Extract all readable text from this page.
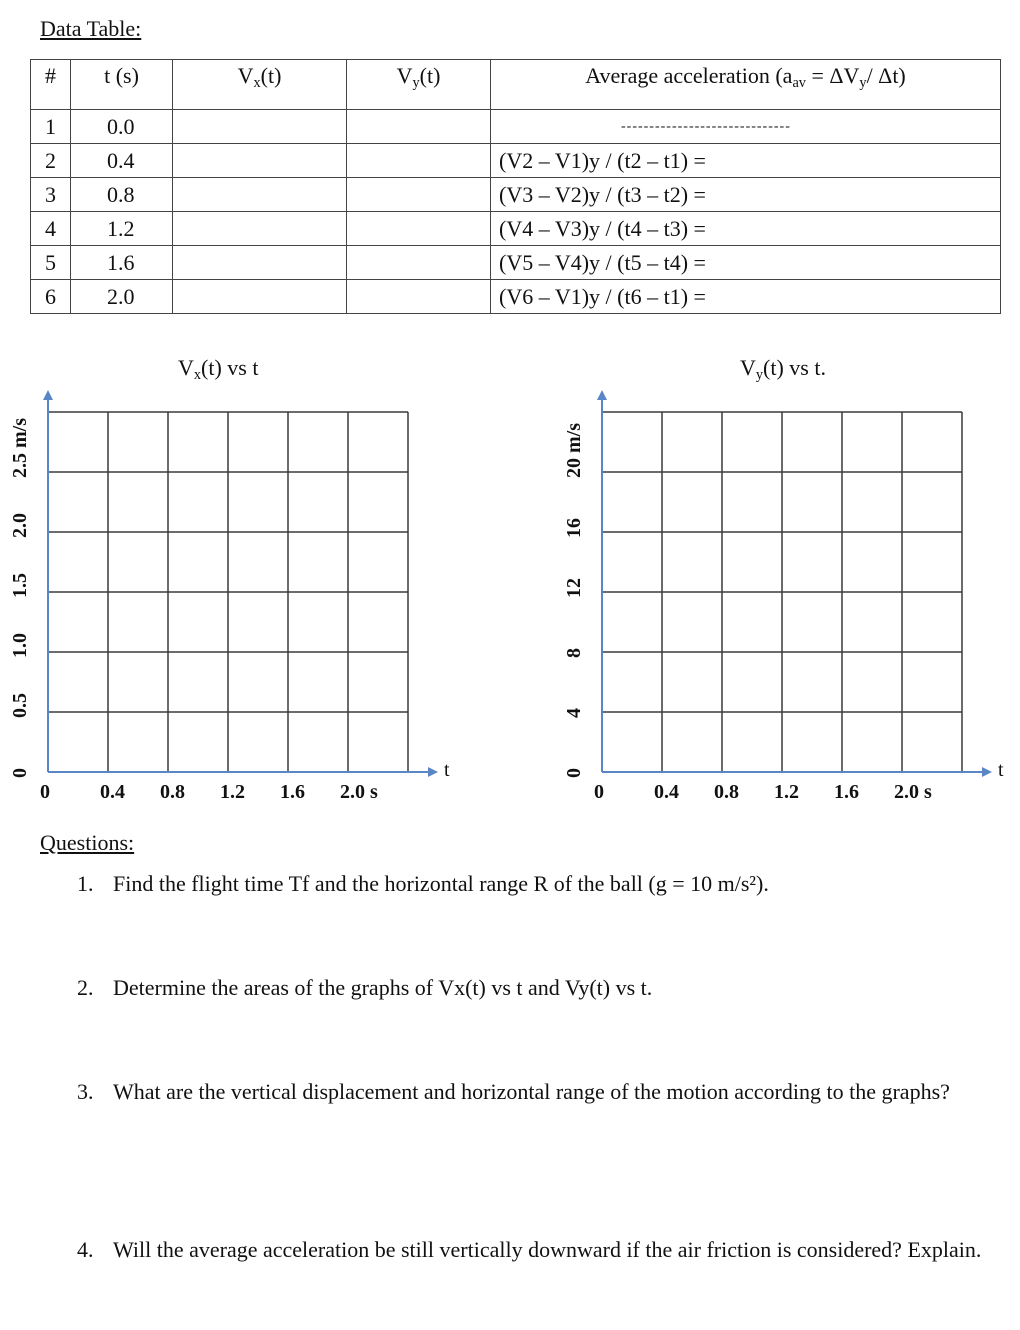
Data Table:
#	t (s)	$V_x(t)$	$V_y(t)$	Average acceleration ($a_{av} = \Delta V_y/$ Δt)
1	0.0			------------------------------
2	0.4			(V2 – V1)y / (t2 – t1) =
3	0.8			(V3 – V2)y / (t3 – t2) =
4	1.2			(V4 – V3)y / (t4 – t3) =
5	1.6			(V5 – V4)y / (t5 – t4) =
6	2.0			(V6 – V1)y / (t6 – t1) =
$V_x(t)$ vs t	$V_y(t)$ vs t.
0	0.4 0.8 1.2 1.6 2.0 s
0
0.5
1.0
1.5
2.0
2.5 m/s
t
0	0.4 0.8 1.2 1.6 2.0 s
0
4
8
12
16
20 m/s
t
Questions:
1. Find the flight time Tf and the horizontal range R of the ball (g = 10 m/s²).
2. Determine the areas of the graphs of Vx(t) vs t and Vy(t) vs t.
3. What are the vertical displacement and horizontal range of the motion according to the graphs?
4. Will the average acceleration be still vertically downward if the air friction is considered? Explain.
